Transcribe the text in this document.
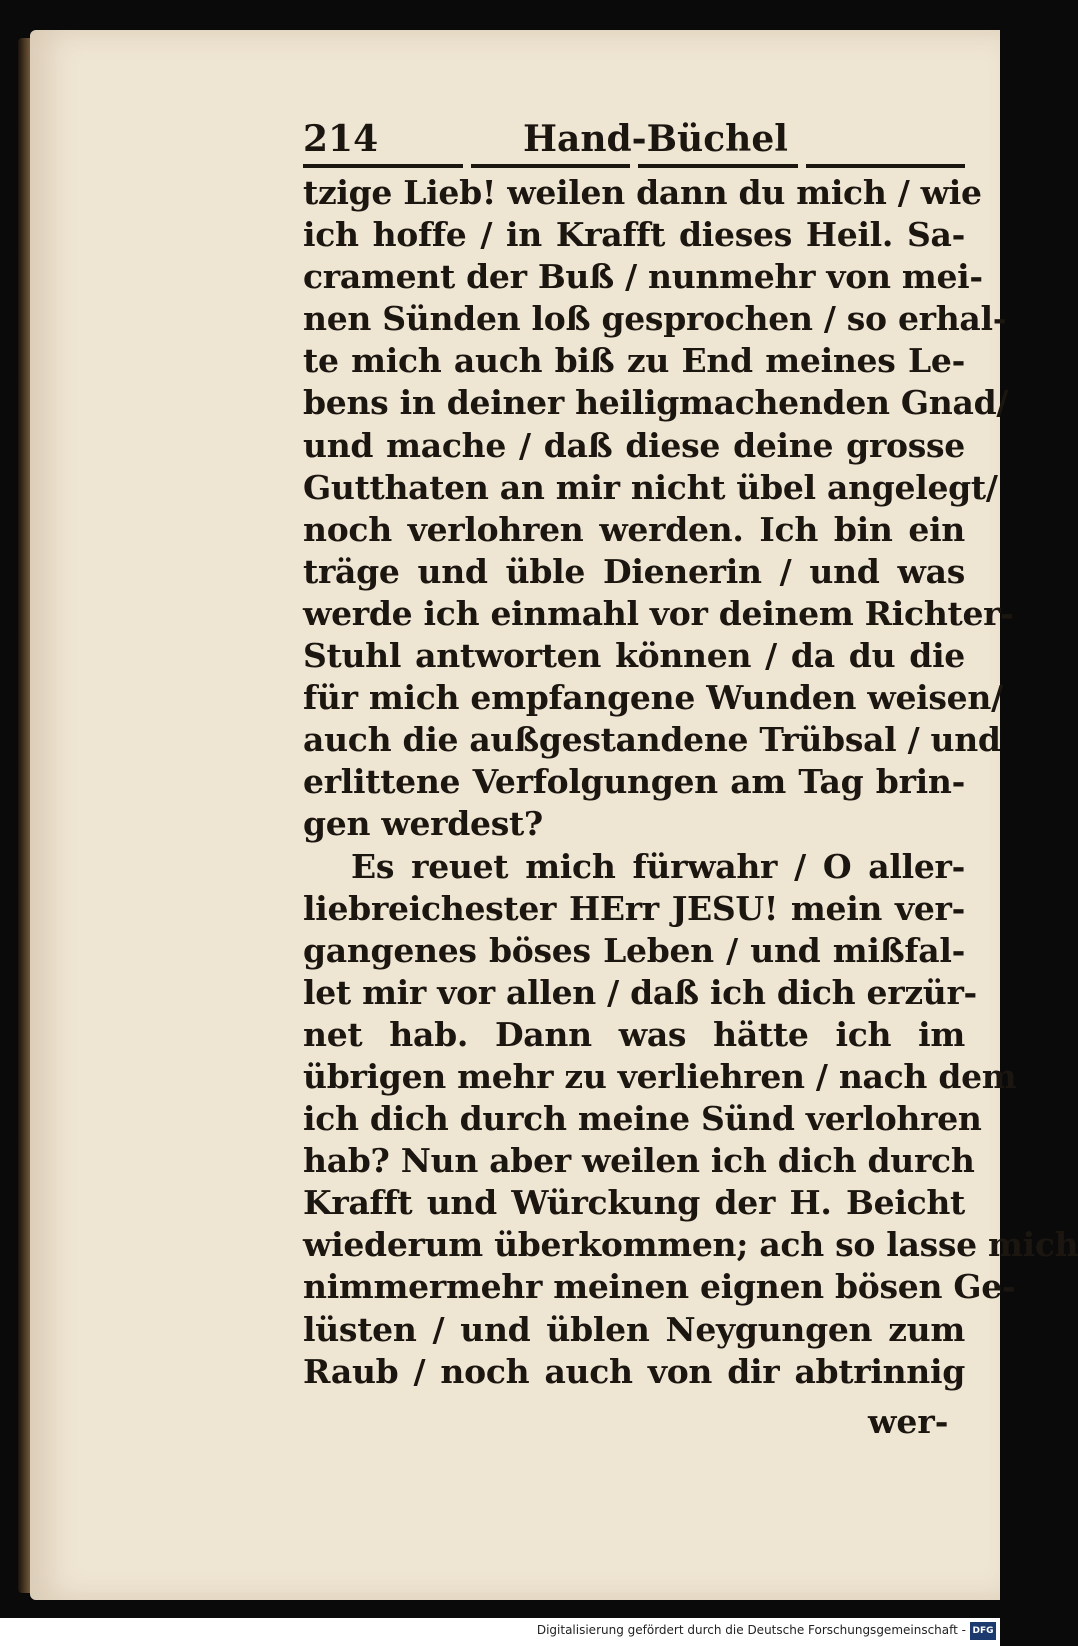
214	Hand-Büchel
tzige Lieb! weilen dann du mich / wie
ich hoffe / in Krafft dieses Heil. Sa-
crament der Buß / nunmehr von mei-
nen Sünden loß gesprochen / so erhal-
te mich auch biß zu End meines Le-
bens in deiner heiligmachenden Gnad/
und mache / daß diese deine grosse
Gutthaten an mir nicht übel angelegt/
noch verlohren werden. Ich bin ein
träge und üble Dienerin / und was
werde ich einmahl vor deinem Richter-
Stuhl antworten können / da du die
für mich empfangene Wunden weisen/
auch die außgestandene Trübsal / und
erlittene Verfolgungen am Tag brin-
gen werdest?
Es reuet mich fürwahr / O aller-
liebreichester HErr JESU! mein ver-
gangenes böses Leben / und mißfal-
let mir vor allen / daß ich dich erzür-
net hab. Dann was hätte ich im
übrigen mehr zu verliehren / nach dem
ich dich durch meine Sünd verlohren
hab? Nun aber weilen ich dich durch
Krafft und Würckung der H. Beicht
wiederum überkommen; ach so lasse mich
nimmermehr meinen eignen bösen Ge-
lüsten / und üblen Neygungen zum
Raub / noch auch von dir abtrinnig
wer-
Digitalisierung gefördert durch die Deutsche Forschungsgemeinschaft - DFG
